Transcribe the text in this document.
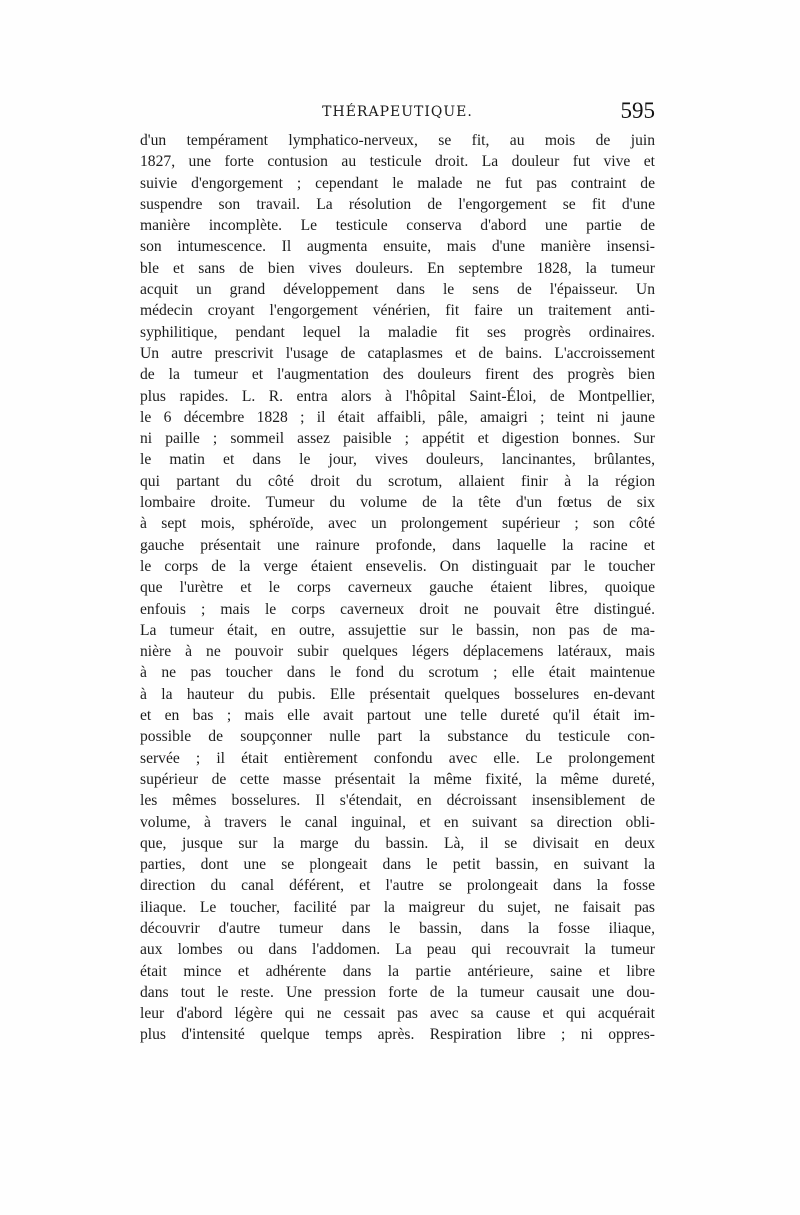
THÉRAPEUTIQUE.	595
d'un tempérament lymphatico-nerveux, se fit, au mois de juin
1827, une forte contusion au testicule droit. La douleur fut vive et
suivie d'engorgement ; cependant le malade ne fut pas contraint de
suspendre son travail. La résolution de l'engorgement se fit d'une
manière incomplète. Le testicule conserva d'abord une partie de
son intumescence. Il augmenta ensuite, mais d'une manière insensi-
ble et sans de bien vives douleurs. En septembre 1828, la tumeur
acquit un grand développement dans le sens de l'épaisseur. Un
médecin croyant l'engorgement vénérien, fit faire un traitement anti-
syphilitique, pendant lequel la maladie fit ses progrès ordinaires.
Un autre prescrivit l'usage de cataplasmes et de bains. L'accroissement
de la tumeur et l'augmentation des douleurs firent des progrès bien
plus rapides. L. R. entra alors à l'hôpital Saint-Éloi, de Montpellier,
le 6 décembre 1828 ; il était affaibli, pâle, amaigri ; teint ni jaune
ni paille ; sommeil assez paisible ; appétit et digestion bonnes. Sur
le matin et dans le jour, vives douleurs, lancinantes, brûlantes,
qui partant du côté droit du scrotum, allaient finir à la région
lombaire droite. Tumeur du volume de la tête d'un fœtus de six
à sept mois, sphéroïde, avec un prolongement supérieur ; son côté
gauche présentait une rainure profonde, dans laquelle la racine et
le corps de la verge étaient ensevelis. On distinguait par le toucher
que l'urètre et le corps caverneux gauche étaient libres, quoique
enfouis ; mais le corps caverneux droit ne pouvait être distingué.
La tumeur était, en outre, assujettie sur le bassin, non pas de ma-
nière à ne pouvoir subir quelques légers déplacemens latéraux, mais
à ne pas toucher dans le fond du scrotum ; elle était maintenue
à la hauteur du pubis. Elle présentait quelques bosselures en-devant
et en bas ; mais elle avait partout une telle dureté qu'il était im-
possible de soupçonner nulle part la substance du testicule con-
servée ; il était entièrement confondu avec elle. Le prolongement
supérieur de cette masse présentait la même fixité, la même dureté,
les mêmes bosselures. Il s'étendait, en décroissant insensiblement de
volume, à travers le canal inguinal, et en suivant sa direction obli-
que, jusque sur la marge du bassin. Là, il se divisait en deux
parties, dont une se plongeait dans le petit bassin, en suivant la
direction du canal déférent, et l'autre se prolongeait dans la fosse
iliaque. Le toucher, facilité par la maigreur du sujet, ne faisait pas
découvrir d'autre tumeur dans le bassin, dans la fosse iliaque,
aux lombes ou dans l'addomen. La peau qui recouvrait la tumeur
était mince et adhérente dans la partie antérieure, saine et libre
dans tout le reste. Une pression forte de la tumeur causait une dou-
leur d'abord légère qui ne cessait pas avec sa cause et qui acquérait
plus d'intensité quelque temps après. Respiration libre ; ni oppres-
